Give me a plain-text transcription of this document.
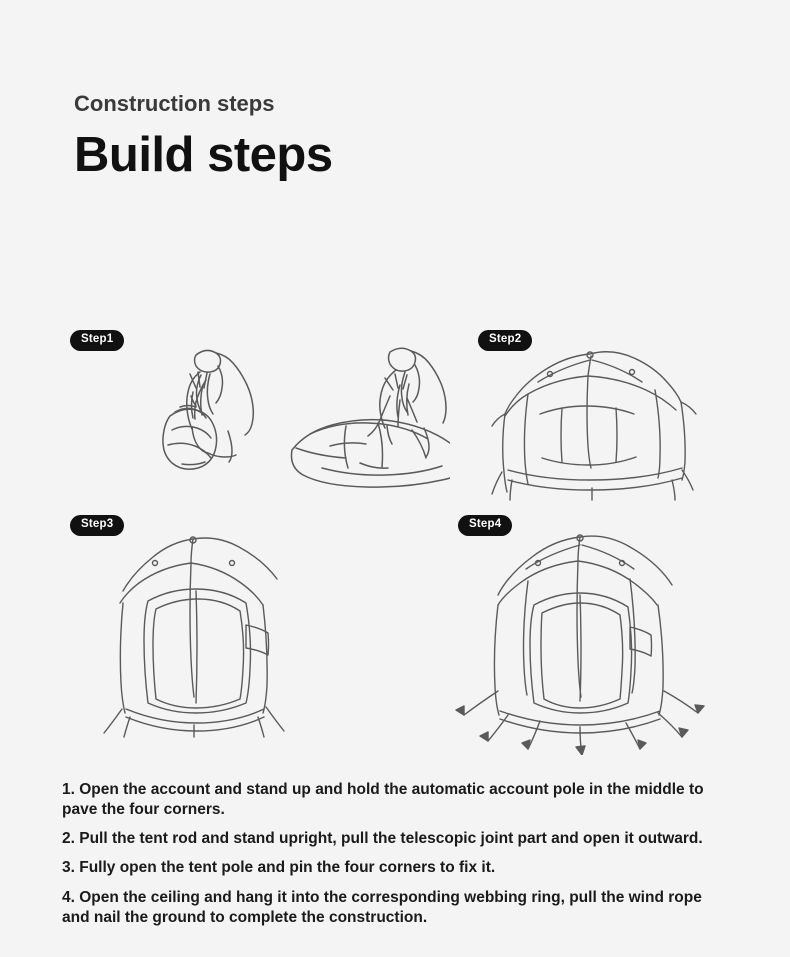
Construction steps
Build steps
Step1	Step2
Step3	Step4

1. Open the account and stand up and hold the automatic account pole in the middle to pave the four corners.

2. Pull the tent rod and stand upright, pull the telescopic joint part and open it outward.

3. Fully open the tent pole and pin the four corners to fix it.

4. Open the ceiling and hang it into the corresponding webbing ring, pull the wind rope and nail the ground to complete the construction.
